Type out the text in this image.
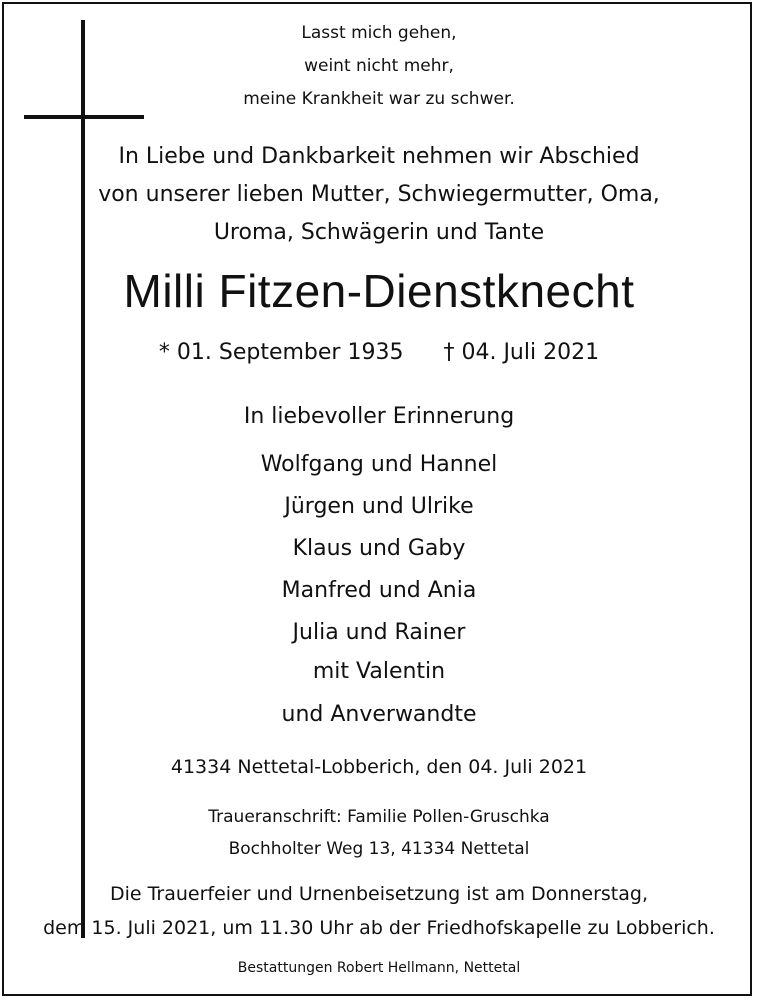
Lasst mich gehen,
weint nicht mehr,
meine Krankheit war zu schwer.
In Liebe und Dankbarkeit nehmen wir Abschied
von unserer lieben Mutter, Schwiegermutter, Oma,
Uroma, Schwägerin und Tante
Milli Fitzen-Dienstknecht
* 01. September 1935 † 04. Juli 2021
In liebevoller Erinnerung
Wolfgang und Hannel
Jürgen und Ulrike
Klaus und Gaby
Manfred und Ania
Julia und Rainer
mit Valentin
und Anverwandte
41334 Nettetal-Lobberich, den 04. Juli 2021
Traueranschrift: Familie Pollen-Gruschka
Bochholter Weg 13, 41334 Nettetal
Die Trauerfeier und Urnenbeisetzung ist am Donnerstag,
dem 15. Juli 2021, um 11.30 Uhr ab der Friedhofskapelle zu Lobberich.
Bestattungen Robert Hellmann, Nettetal
